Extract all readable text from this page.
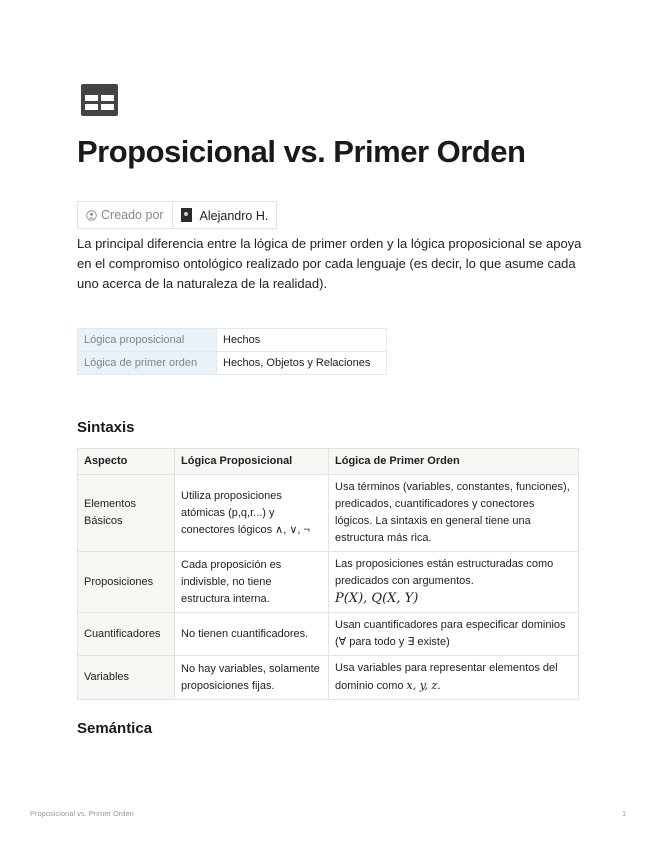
Proposicional vs. Primer Orden
Creado por	Alejandro H.

La principal diferencia entre la lógica de primer orden y la lógica proposicional se apoya en el compromiso ontológico realizado por cada lenguaje (es decir, lo que asume cada uno acerca de la naturaleza de la realidad).

Lógica proposicional	Hechos
Lógica de primer orden	Hechos, Objetos y Relaciones
Sintaxis
Aspecto	Lógica Proposicional	Lógica de Primer Orden
Elementos Básicos	Utiliza proposiciones atómicas (p,q,r...) y conectores lógicos ∧, ∨, ¬	Usa términos (variables, constantes, funciones), predicados, cuantificadores y conectores lógicos. La sintaxis en general tiene una estructura más rica.
Proposiciones	Cada proposición es indivisble, no tiene estructura interna.	Las proposiciones están estructuradas como predicados con argumentos.
P(X), Q(X, Y)
Cuantificadores	No tienen cuantificadores.	Usan cuantificadores para especificar dominios (∀ para todo y ∃ existe)
Variables	No hay variables, solamente proposiciones fijas.	Usa variables para representar elementos del dominio como x, y, z.
Semántica
Proposicional vs. Primer Orden	1
